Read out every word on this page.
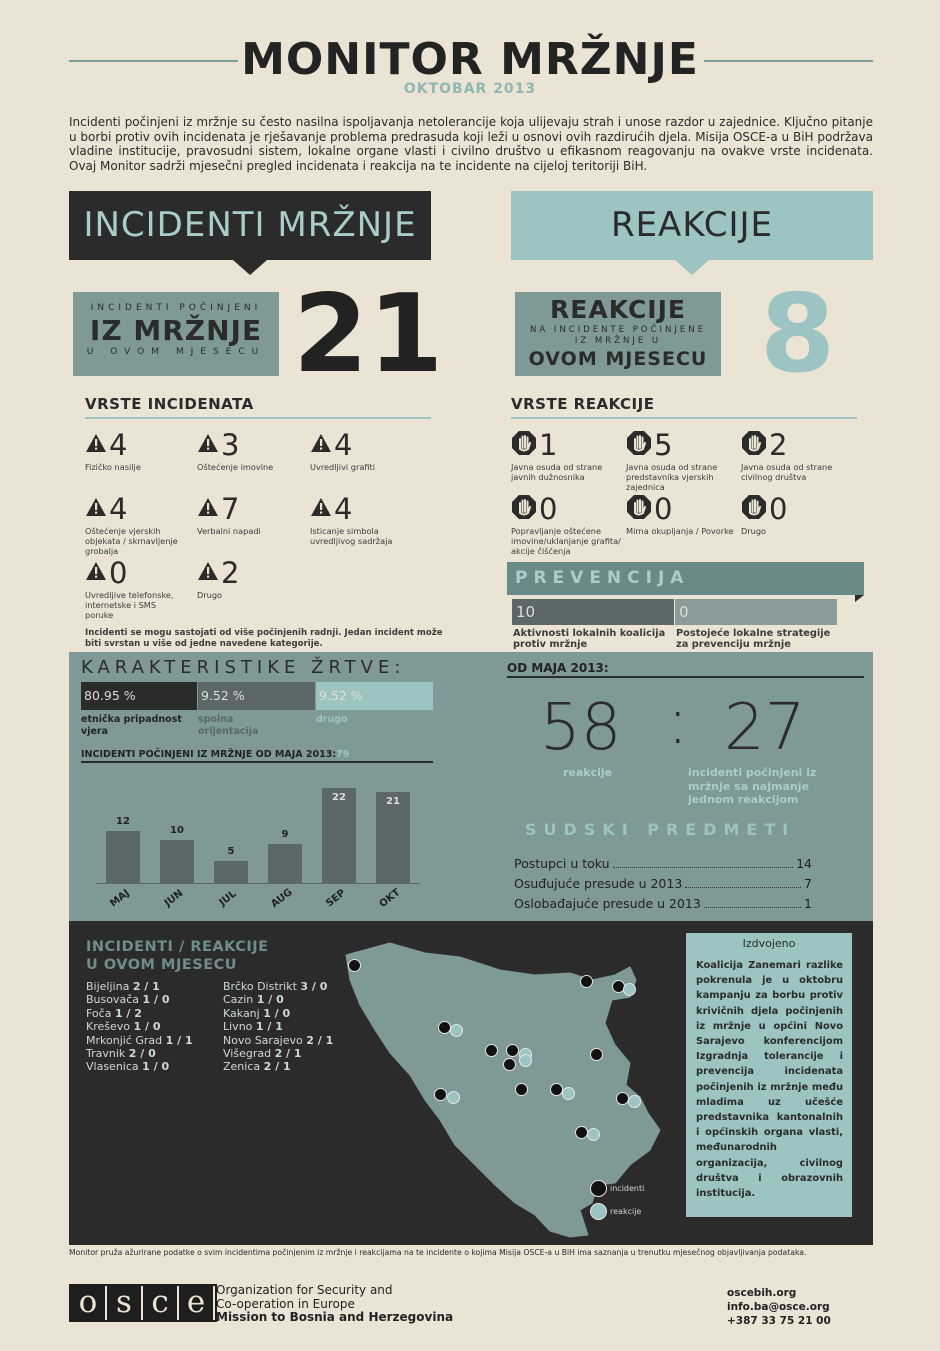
MONITOR MRŽNJE
OKTOBAR 2013
Incidenti počinjeni iz mržnje su često nasilna ispoljavanja netolerancije koja ulijevaju strah i unose razdor u zajednice. Ključno pitanje u borbi protiv ovih incidenata je rješavanje problema predrasuda koji leži u osnovi ovih razdirućih djela. Misija OSCE-a u BiH podržava vladine institucije, pravosudni sistem, lokalne organe vlasti i civilno društvo u efikasnom reagovanju na ovakve vrste incidenata. Ovaj Monitor sadrži mjesečni pregled incidenata i reakcija na te incidente na cijeloj teritoriji BiH.
INCIDENTI MRŽNJE	REAKCIJE
INCIDENTI POČINJENI
IZ MRŽNJE
U OVOM MJESECU 21	REAKCIJE
NA INCIDENTE POČINJENE
IZ MRŽNJE U
OVOM MJESECU 8
VRSTE INCIDENATA
4
Fizičko nasilje
3
Oštećenje imovine
4
Uvredljivi grafiti
4
Oštećenje vjerskih objekata / skrnavljenje grobalja
7
Verbalni napadi
4
Isticanje simbola uvredljivog sadržaja
0
Uvredljive telefonske, internetske i SMS poruke
2
Drugo
Incidenti se mogu sastojati od više počinjenih radnji. Jedan incident može biti svrstan u više od jedne navedene kategorije.
VRSTE REAKCIJE
1
Javna osuda od strane javnih dužnosnika
5
Javna osuda od strane predstavnika vjerskih zajednica
2
Javna osuda od strane civilnog društva
0
Popravljanje oštećene imovine/uklanjanje grafita/ akcije čišćenja
0
Mirna okupljanja / Povorke
0
Drugo
PREVENCIJA
10	0
Aktivnosti lokalnih koalicija protiv mržnje
Postojeće lokalne strategije za prevenciju mržnje
KARAKTERISTIKE ŽRTVE:
80.95 %	9.52 %	9.52 %
etnička pripadnost vjera
spolna orijentacija
drugo
INCIDENTI POČINJENI IZ MRŽNJE OD MAJA 2013: 79
12
MAJ
10
JUN
5
JUL
9
AUG
22
SEP
21
OKT
OD MAJA 2013:
58 : 27
reakcije	incidenti počinjeni iz mržnje sa najmanje jednom reakcijom
SUDSKI PREDMETI
Postupci u toku	14
Osuđujuće presude u 2013	7
Oslobađajuće presude u 2013	1
INCIDENTI / REAKCIJE
U OVOM MJESECU
Bijeljina 2 / 1
Busovača 1 / 0
Foča 1 / 2
Kreševo 1 / 0
Mrkonjić Grad 1 / 1
Travnik 2 / 0
Vlasenica 1 / 0
Brčko Distrikt 3 / 0
Cazin 1 / 0
Kakanj 1 / 0
Livno 1 / 1
Novo Sarajevo 2 / 1
Višegrad 2 / 1
Zenica 2 / 1
incidenti
reakcije
Izdvojeno
Koalicija Zanemari razlike pokrenula je u oktobru kampanju za borbu protiv krivičnih djela počinjenih iz mržnje u općini Novo Sarajevo konferencijom Izgradnja tolerancije i prevencija incidenata počinjenih iz mržnje među mladima uz učešće predstavnika kantonalnih i općinskih organa vlasti, međunarodnih organizacija, civilnog društva i obrazovnih institucija.
Monitor pruža ažurirane podatke o svim incidentima počinjenim iz mržnje i reakcijama na te incidente o kojima Misija OSCE-a u BiH ima saznanja u trenutku mjesečnog objavljivanja podataka.
o s c e Organization for Security and
Co-operation in Europe
Mission to Bosnia and Herzegovina
oscebih.org
info.ba@osce.org
+387 33 75 21 00
